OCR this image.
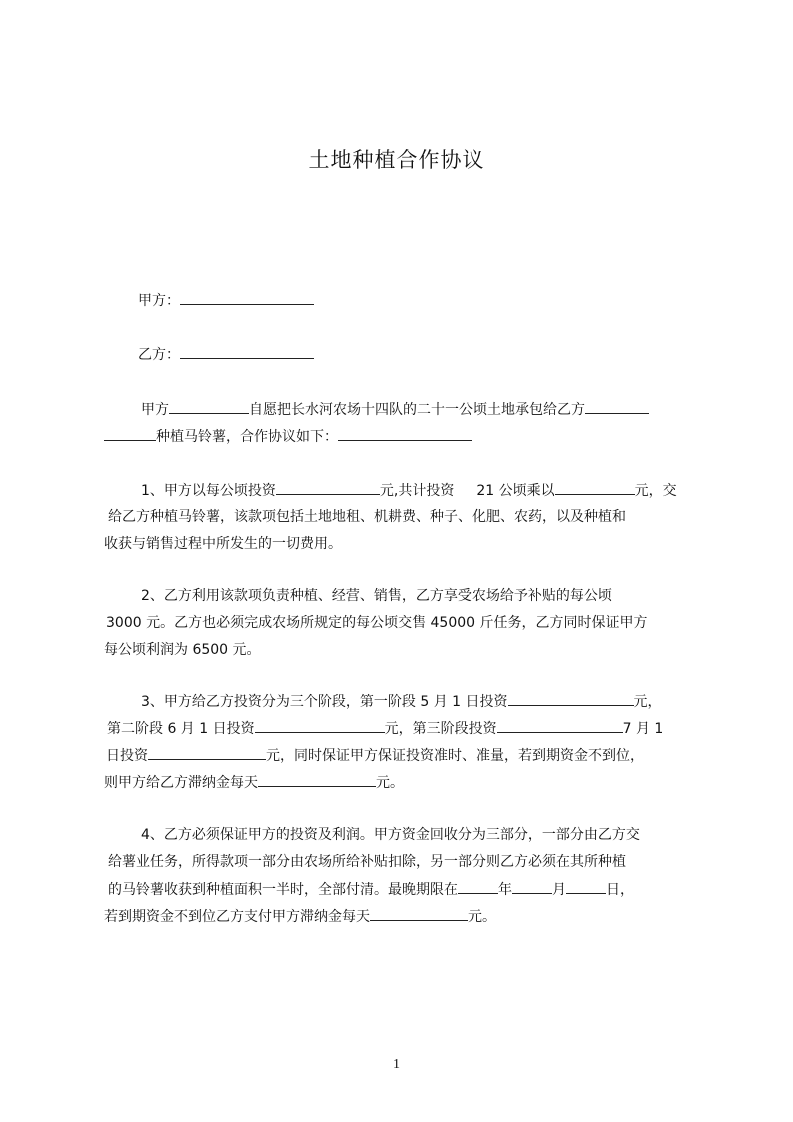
土地种植合作协议
甲方：
乙方：
甲方	自愿把长水河农场十四队的二十一公顷土地承包给乙方
种植马铃薯，合作协议如下：
1、甲方以每公顷投资	元,共计投资 21 公顷乘以	元，交
给乙方种植马铃薯，该款项包括土地地租、机耕费、种子、化肥、农药，以及种植和
收获与销售过程中所发生的一切费用。
2、乙方利用该款项负责种植、经营、销售，乙方享受农场给予补贴的每公顷
3000 元。乙方也必须完成农场所规定的每公顷交售 45000 斤任务，乙方同时保证甲方
每公顷利润为 6500 元。
3、甲方给乙方投资分为三个阶段，第一阶段 5 月 1 日投资	元，
第二阶段 6 月 1 日投资	元，第三阶段投资	7 月 1
日投资	元，同时保证甲方保证投资准时、准量，若到期资金不到位，
则甲方给乙方滞纳金每天	元。
4、乙方必须保证甲方的投资及利润。甲方资金回收分为三部分，一部分由乙方交
给薯业任务，所得款项一部分由农场所给补贴扣除，另一部分则乙方必须在其所种植
的马铃薯收获到种植面积一半时，全部付清。最晚期限在	年	月	日，
若到期资金不到位乙方支付甲方滞纳金每天	元。
1
